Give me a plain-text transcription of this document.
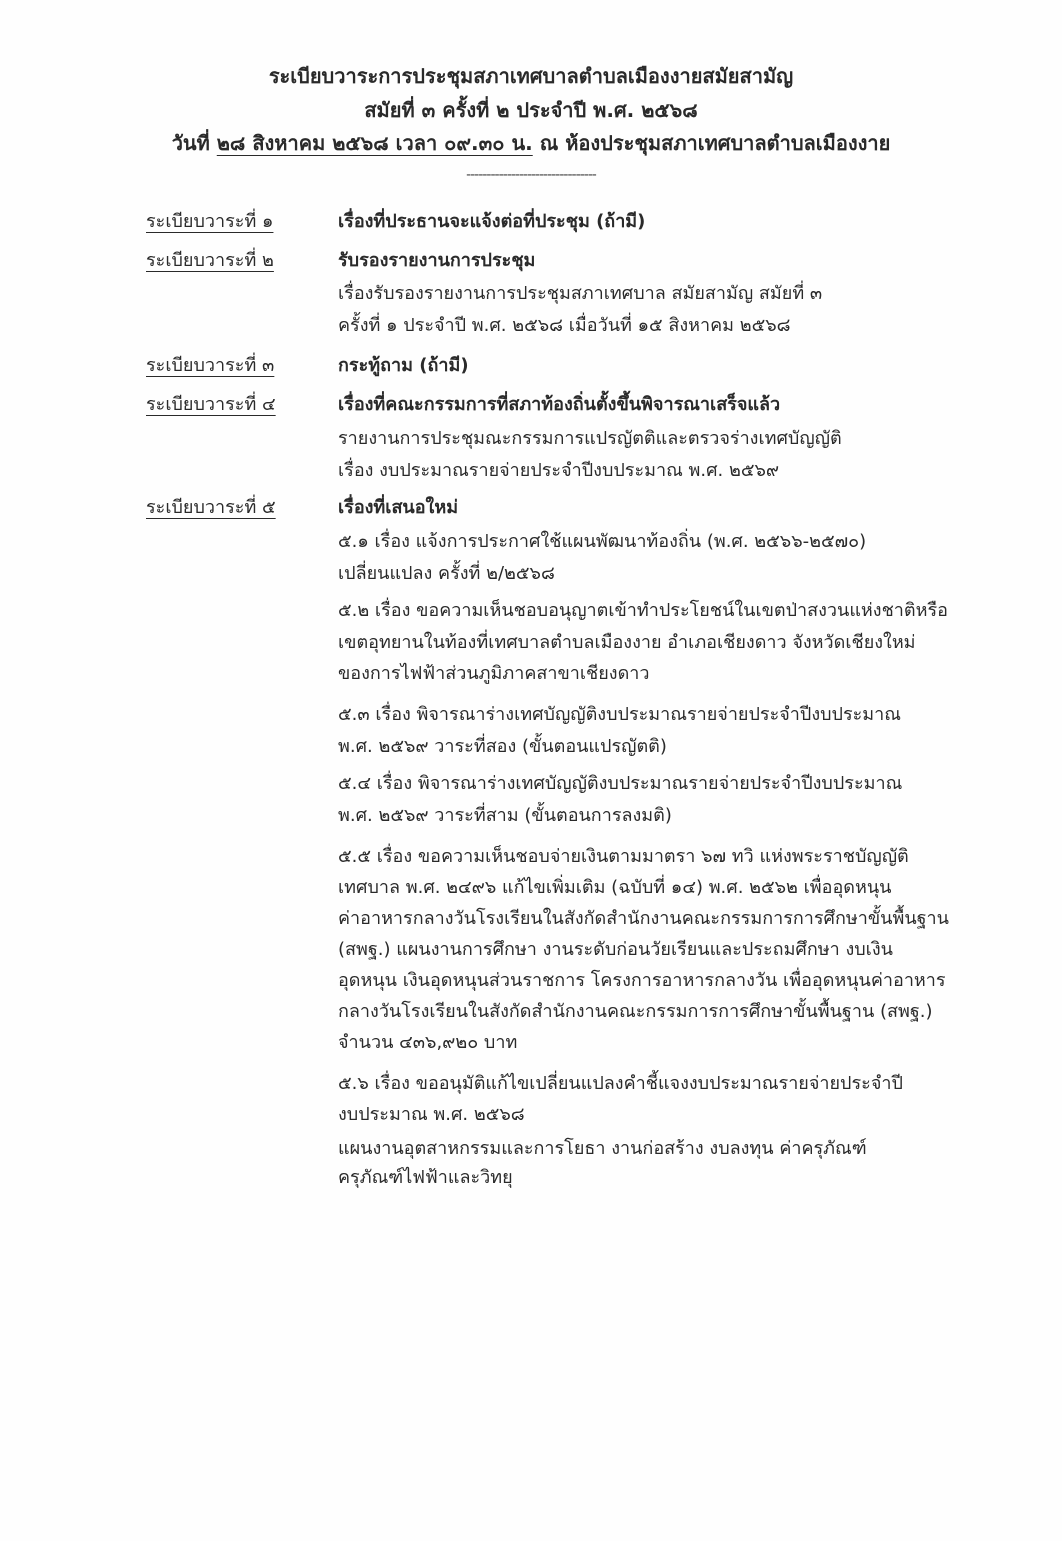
ระเบียบวาระการประชุมสภาเทศบาลตำบลเมืองงายสมัยสามัญ
สมัยที่ ๓ ครั้งที่ ๒ ประจำปี พ.ศ. ๒๕๖๘
วันที่ ๒๘ สิงหาคม ๒๕๖๘ เวลา ๐๙.๓๐ น. ณ ห้องประชุมสภาเทศบาลตำบลเมืองงาย
--------------------------------
ระเบียบวาระที่ ๑	เรื่องที่ประธานจะแจ้งต่อที่ประชุม (ถ้ามี)
ระเบียบวาระที่ ๒	รับรองรายงานการประชุม
เรื่องรับรองรายงานการประชุมสภาเทศบาล สมัยสามัญ สมัยที่ ๓
ครั้งที่ ๑ ประจำปี พ.ศ. ๒๕๖๘ เมื่อวันที่ ๑๕ สิงหาคม ๒๕๖๘
ระเบียบวาระที่ ๓	กระทู้ถาม (ถ้ามี)
ระเบียบวาระที่ ๔	เรื่องที่คณะกรรมการที่สภาท้องถิ่นตั้งขึ้นพิจารณาเสร็จแล้ว
รายงานการประชุมณะกรรมการแปรญัตติและตรวจร่างเทศบัญญัติ
เรื่อง งบประมาณรายจ่ายประจำปีงบประมาณ พ.ศ. ๒๕๖๙
ระเบียบวาระที่ ๕	เรื่องที่เสนอใหม่
๕.๑ เรื่อง แจ้งการประกาศใช้แผนพัฒนาท้องถิ่น (พ.ศ. ๒๕๖๖-๒๕๗๐)
เปลี่ยนแปลง ครั้งที่ ๒/๒๕๖๘
๕.๒ เรื่อง ขอความเห็นชอบอนุญาตเข้าทำประโยชน์ในเขตป่าสงวนแห่งชาติหรือ
เขตอุทยานในท้องที่เทศบาลตำบลเมืองงาย อำเภอเชียงดาว จังหวัดเชียงใหม่
ของการไฟฟ้าส่วนภูมิภาคสาขาเชียงดาว
๕.๓ เรื่อง พิจารณาร่างเทศบัญญัติงบประมาณรายจ่ายประจำปีงบประมาณ
พ.ศ. ๒๕๖๙ วาระที่สอง (ขั้นตอนแปรญัตติ)
๕.๔ เรื่อง พิจารณาร่างเทศบัญญัติงบประมาณรายจ่ายประจำปีงบประมาณ
พ.ศ. ๒๕๖๙ วาระที่สาม (ขั้นตอนการลงมติ)
๕.๕ เรื่อง ขอความเห็นชอบจ่ายเงินตามมาตรา ๖๗ ทวิ แห่งพระราชบัญญัติ
เทศบาล พ.ศ. ๒๔๙๖ แก้ไขเพิ่มเติม (ฉบับที่ ๑๔) พ.ศ. ๒๕๖๒ เพื่ออุดหนุน
ค่าอาหารกลางวันโรงเรียนในสังกัดสำนักงานคณะกรรมการการศึกษาขั้นพื้นฐาน
(สพฐ.) แผนงานการศึกษา งานระดับก่อนวัยเรียนและประถมศึกษา งบเงิน
อุดหนุน เงินอุดหนุนส่วนราชการ โครงการอาหารกลางวัน เพื่ออุดหนุนค่าอาหาร
กลางวันโรงเรียนในสังกัดสำนักงานคณะกรรมการการศึกษาขั้นพื้นฐาน (สพฐ.)
จำนวน ๔๓๖,๙๒๐ บาท
๕.๖ เรื่อง ขออนุมัติแก้ไขเปลี่ยนแปลงคำชี้แจงงบประมาณรายจ่ายประจำปี
งบประมาณ พ.ศ. ๒๕๖๘
แผนงานอุตสาหกรรมและการโยธา งานก่อสร้าง งบลงทุน ค่าครุภัณฑ์
ครุภัณฑ์ไฟฟ้าและวิทยุ
